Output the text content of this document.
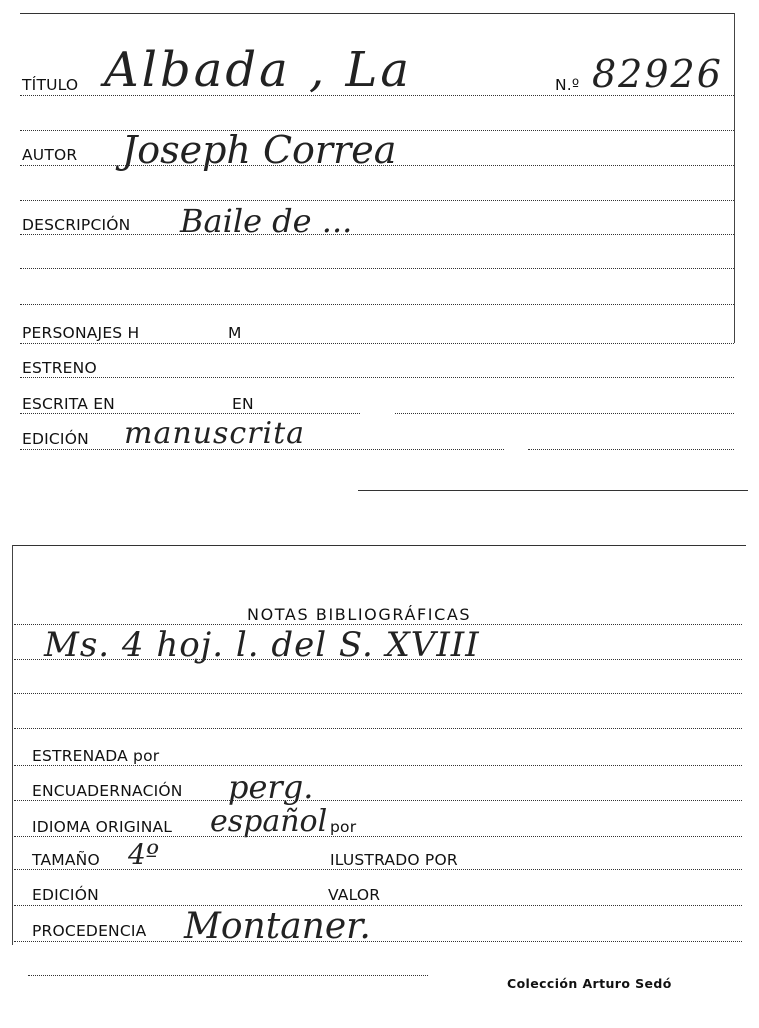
TÍTULO Albada , La	N.º 82926
AUTOR Joseph Correa
DESCRIPCIÓN Baile de ...
PERSONAJES H	M
ESTRENO
ESCRITA EN	EN
EDICIÓN manuscrita
NOTAS BIBLIOGRÁFICAS
Ms. 4 hoj. l. del S. XVIII
ESTRENADA por
ENCUADERNACIÓN perg.
IDIOMA ORIGINAL español por
TAMAÑO 4º	ILUSTRADO POR
EDICIÓN	VALOR
PROCEDENCIA Montaner.
Colección Arturo Sedó
